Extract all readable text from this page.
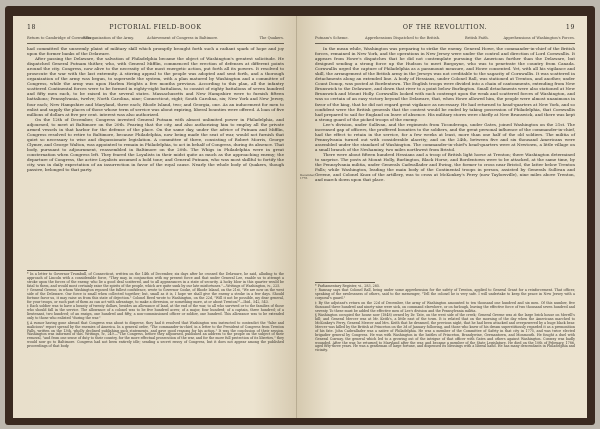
18	PICTORIAL FIELD-BOOK
Return to Cambridge of Cornwallis.
Reorganization of the Army.	Achievement of Congress in Baltimore.	The Quakers.

had committed the unseemly plaint of military skill which promptly brought forth such a radiant spark of hope and joy upon the former banks of the Delaware.

After passing the Delaware, the salvation of Philadelphia became the object of Washington's greatest solicitude. He dispatched General Putnam thither, who, with General Mifflin, commenced the erection of defenses at different points around the city. Congress, now alive to the necessity of the most energetic action, put forth all its powers. It resolved to prosecute the war with the last extremity. A stirring appeal to the people was adopted and sent forth, and a thorough organization of the army was begun, to supersede the system, with a plan matured by Washington and a committee of Congress, while the army was upon Harlem Heights a few months previous. According to this plan, all the infantry scattered Continental forces were to be formed in eighty-eight battalions, to consist of eighty battalions of seven hundred and fifty men each, to be raised in the several states. Massachusetts and New Hampshire were to furnish fifteen battalions; Pennsylvania, twelve; North Carolina, nine; Connecticut, eight; South Carolina, six; New York and New Jersey, four each; New Hampshire and Maryland, three each; Rhode Island, two; and Georgia, one. As an inducement for men to enlist and supply the places of those whose term of service was about expiring, liberal bounties were offered. A loan of five millions of dollars at five per cent. interest was also authorized.

On the 12th of December, Congress invested General Putnam with almost unlimited power in Philadelphia, and adjourned, to meet at Baltimore on the 20th. Fearing that the city, and also authorizing him to employ all the private armed vessels in that harbor for the defense of the place. On the same day, under the advice of Putnam and Mifflin, Congress resolved to retire to Baltimore, because Philadelphia, now being made the seat of war, would not furnish that quiet so necessary to wise and dispassionate legislation. A committee of three, consisting of Robert Morris, George Clymer, and George Walton, was appointed to remain in Philadelphia, to act in behalf of Congress, during its absence. That body, pursuant to adjournment, reassembled in Baltimore on the 20th. The Whigs in Philadelphia were in great consternation when Congress left. They feared the Loyalists in their midst quite as much as the approaching enemy; the departure of Congress, the active Loyalists assumed a bold tone; and General Putnam, who was most skillful to fortify the city, was in daily expectation of an insurrection in favor of the royal cause. Nearly the whole body of Quakers, though passive, belonged to that party.

* In a letter to Governor Trumbull, of Connecticut, written on the 14th of December, six days after he crossed the Delaware, he said, alluding to the approach of Lincoln with a considerable force, "They may, in conjunction with my present force and that under General Lee, enable us to attempt a stroke upon the forces of the enemy, who lie a good deal scattered, and to all appearances in a state of security. A lucky blow in this quarter would be fatal to them, and would most certainly raise the spirits of the people, which are quite sunk by our late misfortunes."—Writings of Washington, iv., 225.

† General Greene, in whom Washington reposed the fullest confidence, wrote to Governor Cooke, of Rhode Island, on the 21st, "We are now on the west side of the Delaware. Our force is small when collected together; but, small as it is, I hope we shall give the enemy a stroke in a few days. Should fortune favor us, it may raise us from this state of dejection." Colonel Reed wrote to Washington, on the 22d, "Will it not be possible, my dear general, for your troops, or such part of them as can act with advantage, to make a diversion, or something more, at or about Trenton?"—Ibid., 542, 543.

‡ Each soldier was to have a bounty of twenty dollars, besides an allowance of land, at the end of the war, to all who survived or to the families of those who should fall in the service. The allowance of a colonel was to be five hundred acres; of a major, four hundred; of a captain, three hundred; of a lieutenant, two hundred; of an ensign, one hundred and fifty; a non-commissioned officer or soldier, one hundred. This allowance was to be extended only to those who enlisted "during the war."

§ A rumor having gone abroad that Congress was about to disperse, they had it resolved that Washington was instructed to contradict the "false and malicious" report spread by the enemies of America. In a general order, "The commander-in-chief, in a letter to the President of Congress from Trenton Falls, written on the 13th, wholly declined publishing such statements, and gave good reasons for his action." It was the conclusion of their session. Washington was informed of this. Writings, iv., 249.—"The Congress, before they adjourned, published an address to the people on the subject of their removal, "and from one sense of duty to their country, for the more effectual prosecution of the war, and for the more full protection of its liberties," they would now go to Baltimore. Congress had not been entirely idle; sending a secret envoy of Congress, but it does not appear among the published proceedings of that body.

OF THE REVOLUTION.	19
Putnam's Scheme.	Apprehensions Dispatched to the British.	British Faith.	Apprehensions of Washington's Forces.
December, 1776.

In the mean while, Washington was preparing to strike the enemy. General Howe, the commander-in-chief of the British forces, remained in New York, and the operations in New Jersey were under the control and direction of Lord Cornwallis. It appears from Howe's dispatches that he did not contemplate pursuing the American further than the Delaware, but designed sending a strong force up the Hudson to meet Burgoyne, who was to penetrate the country from Canada. Cornwallis urged the capture of Philadelphia as a paramount measure, and Howe consented. Yet, with all his vigilance and skill, the arrangement of the British army in the Jerseys was not creditable to the sagacity of Cornwallis. It was scattered in detachments along an extended line. A body of Hessians, under Colonel Rall, was stationed at Trenton, and another, under Count Donop, was posted at Bordentown. The English troops were divided into a chain of cantonments, extending from New Brunswick to the Delaware, and down that river to a point below Burlington. Small detachments were also stationed at New Brunswick and Mount Holly. Cornwallis looked with such contempt upon the weak and scattered forces of Washington, and was so certain of an easy victory beyond the Delaware, that, when Howe allowed him, the people were almost unanimous in favor of the king, that he did not regard great vigilance as necessary. He had returned to head-quarters at New York, and so confident were the British generals that the contest would be ended by taking possession of Philadelphia, that Cornwallis had prepared to sail for England on leave of absence. His military stores were chiefly at New Brunswick, and there was kept a strong guard of the picked troops of the enemy.

Lee's division, under Sullivan, and the regiments from Ticonderoga, under Gates, joined Washington on the 21st. The increased gap of officers, the proffered bounties to the soldiers, and the great personal influence of the commander-in-chief, had the effect to retain in the service, for a few weeks at least, more than one half of the old soldiers. The militia of Pennsylvania turned out with considerable alacrity; and on the 24th, between five and six thousand Americans were assembled under the standard of Washington. The commander-in-chief's head-quarters were at Newtown, a little village on a small branch of the Neshaminy, two miles northwest from Bristol.

There were about fifteen hundred Hessians and a troop of British light horse at Trenton; there Washington determined to surprise. The posts at Mount Holly, Burlington, Black Horse, and Bordentown were to be attacked, at the same time, by the Pennsylvania militia, under Generals Cadwallader and Ewing, the former to cross near Bristol, the latter below Trenton Falls; while Washington, leading the main body of the Continental troops in person, assisted by Generals Sullivan and Greene, and Colonel Knox of the artillery, was to cross at McKonkey's Ferry (now Taylorsville), nine miles above Trenton, and march down upon that place.

* Parliamentary Register, vi., 283, 285.

† Ramsay says that Colonel Rall, being under some apprehension for the safety of Trenton, applied to General Grant for a reinforcement. That officer, speaking of the rawlessness of others, said to the messenger, "Tell the colonel he is very safe. I will undertake to keep the peace in New Jersey with a corporal's guard."

‡ By the adjutant's return on the 22d of December, the army of Washington amounted to ten thousand one hundred and six men. Of this number, five thousand three hundred and ninety-nine were sick, on command elsewhere, or on furlough, leaving the effective force of two thousand seven hundred and seventy. To these must be added the effective men of Lee's division and the Pennsylvania militia.

§ Washington occupied the house now (1848) owned by Dr. Tate, on the west side of the creek; General Greene was at the large brick house on Merrill's hill; and General Mercer was at Mr. Keith's, a little east of the town. It is related that on the morning of the day when the Americans marched to McKonkey's Ferry, General Mercer and Mrs. Keith that he dreamed, the previous night, that he had been attacked and overpowered by a huge black bear. Mercer was killed by the British at Princeton on the 3d of January following, and those who knew of his dream superstitiously regarded it as a premonition of his fate. John Cadwallader was a native of Philadelphia. He was a member of the Committee of Safety in that city in 1775, and was twice elected brigadier general by Congress. He was with Washington in the battles of Princeton, Brandywine, Germantown, and Monmouth. He fought a duel with General Conway, the general which led to a growing out of the intrigue of that officer with Gates and others against Washington. Conway was badly wounded. After the war, he returned to Maryland after the war, and became a member of the State Legislature. He died on the 10th of February, 1786, aged fifty-three years. He was a gentleman of large fortune, and dispensed its blessings with a liberal hand. He has many descendants in Philadelphia and vicinity.
